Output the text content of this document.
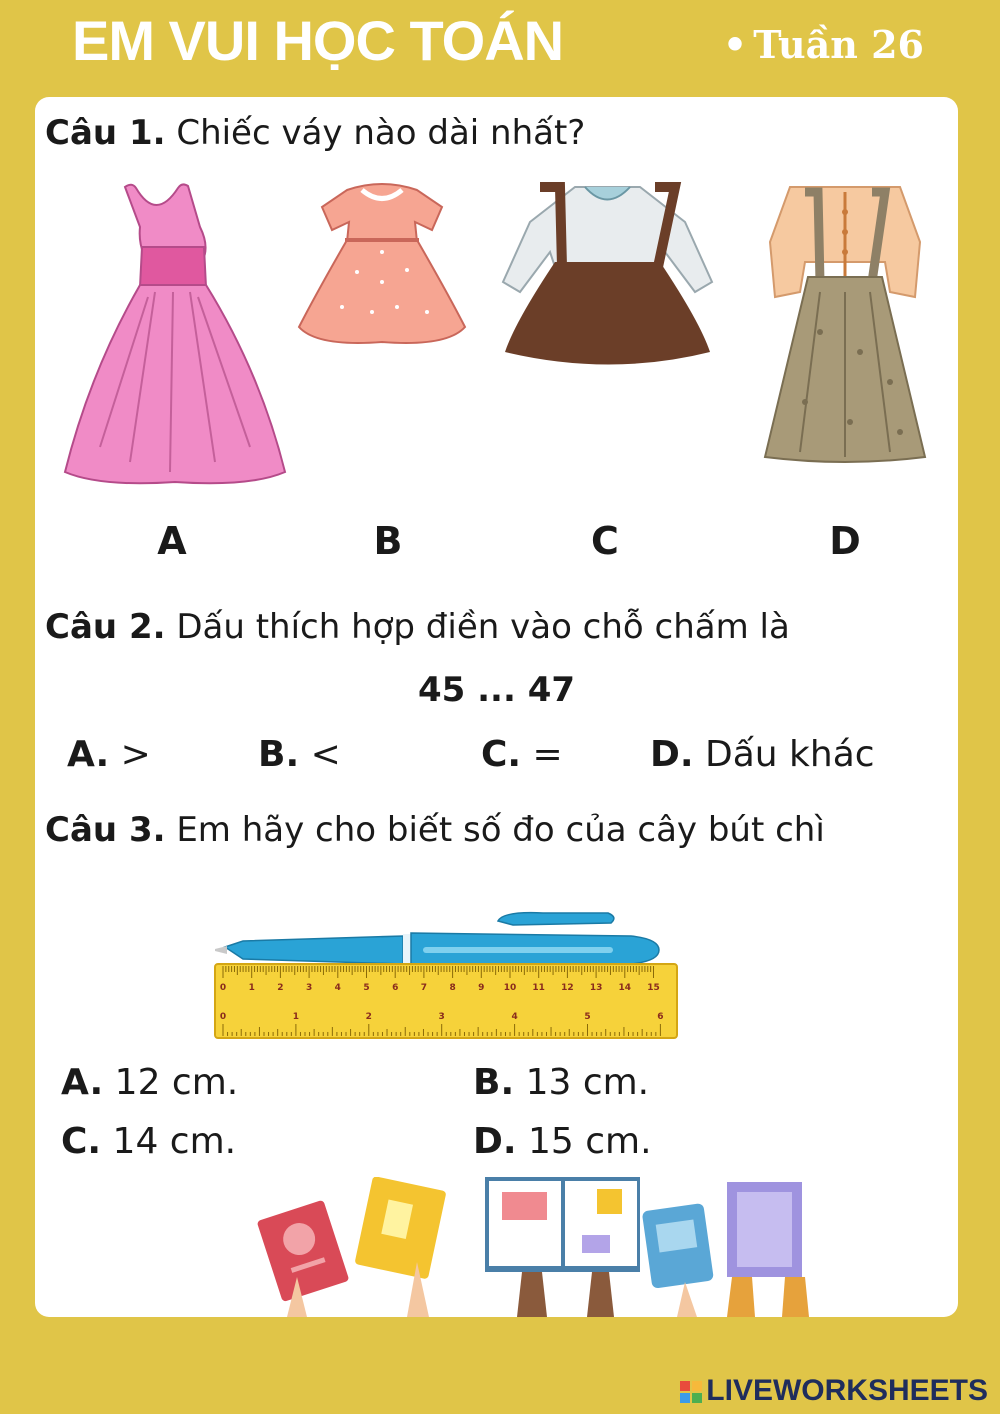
EM VUI HỌC TOÁN	• Tuần 26
Câu 1. Chiếc váy nào dài nhất?
A	B	C	D
Câu 2. Dấu thích hợp điền vào chỗ chấm là
45 ... 47
A. >	B. <	C. = D. Dấu khác
Câu 3. Em hãy cho biết số đo của cây bút chì
0 1 2 3 4 5 6 7 8 9 10 11 12 13 14 15
0	1	2	3	4	5	6
A. 12 cm.	B. 13 cm.
C. 14 cm.	D. 15 cm.
LIVEWORKSHEETS
